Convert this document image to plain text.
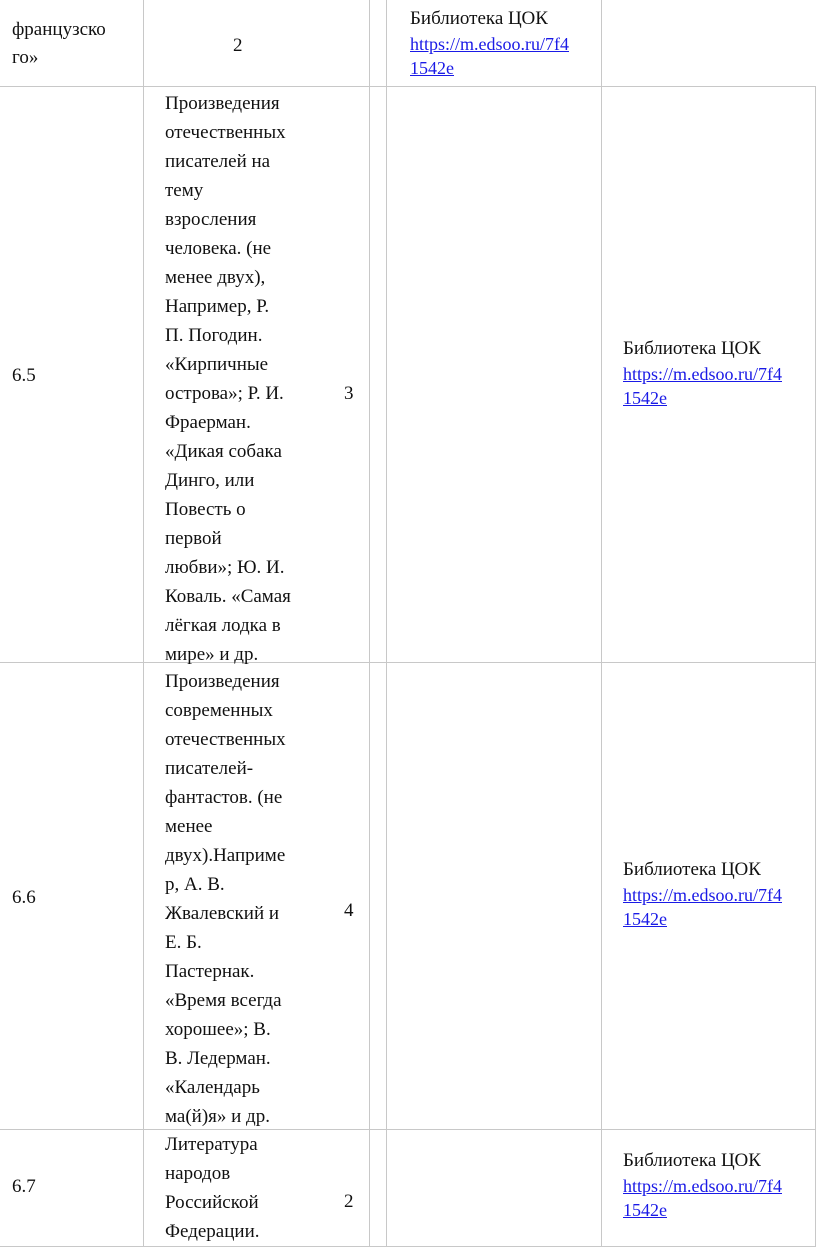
французско
го»
2
Библиотека ЦОК
https://m.edsoo.ru/7f4
1542e
6.5
Произведения
отечественных
писателей на
тему
взросления
человека. (не
менее двух),
Например, Р.
П. Погодин.
«Кирпичные
острова»; Р. И.
Фраерман.
«Дикая собака
Динго, или
Повесть о
первой
любви»; Ю. И.
Коваль. «Самая
лёгкая лодка в
мире» и др.
3
Библиотека ЦОК
https://m.edsoo.ru/7f4
1542e
6.6
Произведения
современных
отечественных
писателей-
фантастов. (не
менее
двух).Наприме
р, А. В.
Жвалевский и
Е. Б.
Пастернак.
«Время всегда
хорошее»; В.
В. Ледерман.
«Календарь
ма(й)я» и др.
4
Библиотека ЦОК
https://m.edsoo.ru/7f4
1542e
6.7
Литература
народов
Российской
Федерации.
2
Библиотека ЦОК
https://m.edsoo.ru/7f4
1542e
